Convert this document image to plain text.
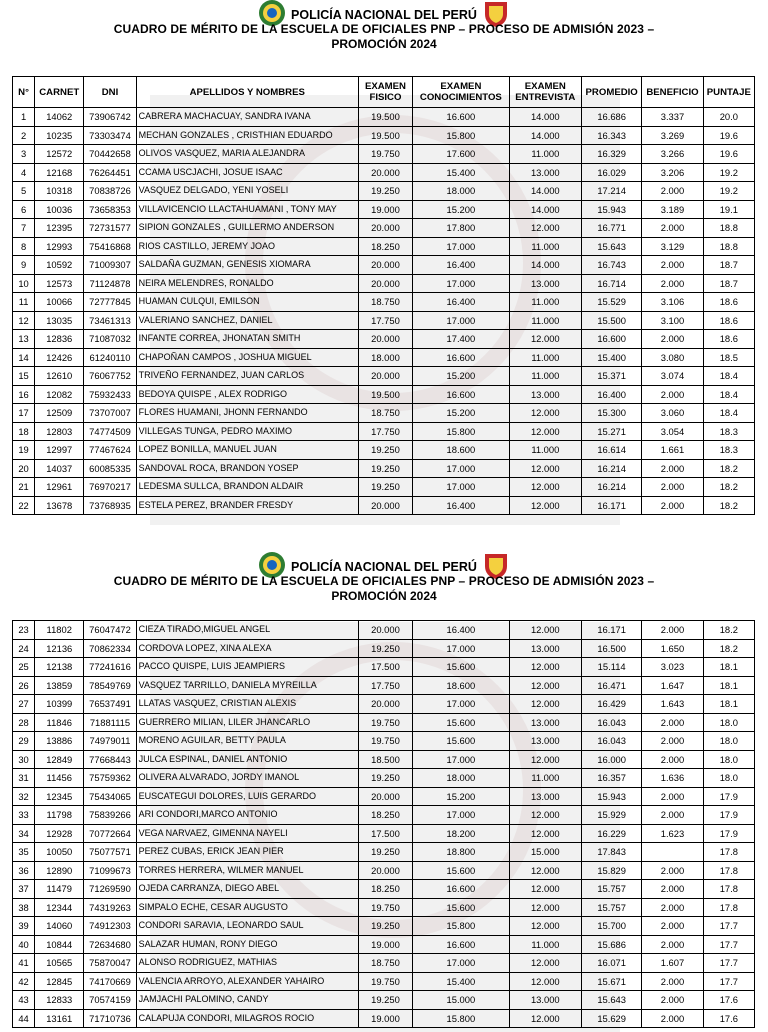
POLICÍA NACIONAL DEL PERÚ
CUADRO DE MÉRITO DE LA ESCUELA DE OFICIALES PNP – PROCESO DE ADMISIÓN 2023 –
PROMOCIÓN 2024
N°	CARNET	DNI	APELLIDOS Y NOMBRES	EXAMEN FISICO	EXAMEN CONOCIMIENTOS	EXAMEN ENTREVISTA	PROMEDIO	BENEFICIO	PUNTAJE
1	14062	73906742	CABRERA MACHACUAY, SANDRA IVANA	19.500	16.600	14.000	16.686	3.337	20.0
2	10235	73303474	MECHAN GONZALES , CRISTHIAN EDUARDO	19.500	15.800	14.000	16.343	3.269	19.6
3	12572	70442658	OLIVOS VASQUEZ, MARIA ALEJANDRA	19.750	17.600	11.000	16.329	3.266	19.6
4	12168	76264451	CCAMA USCJACHI, JOSUE ISAAC	20.000	15.400	13.000	16.029	3.206	19.2
5	10318	70838726	VASQUEZ DELGADO, YENI YOSELI	19.250	18.000	14.000	17.214	2.000	19.2
6	10036	73658353	VILLAVICENCIO LLACTAHUAMANI , TONY MAY	19.000	15.200	14.000	15.943	3.189	19.1
7	12395	72731577	SIPION GONZALES , GUILLERMO ANDERSON	20.000	17.800	12.000	16.771	2.000	18.8
8	12993	75416868	RIOS CASTILLO, JEREMY JOAO	18.250	17.000	11.000	15.643	3.129	18.8
9	10592	71009307	SALDAÑA GUZMAN, GENESIS XIOMARA	20.000	16.400	14.000	16.743	2.000	18.7
10	12573	71124878	NEIRA MELENDRES, RONALDO	20.000	17.000	13.000	16.714	2.000	18.7
11	10066	72777845	HUAMAN CULQUI, EMILSON	18.750	16.400	11.000	15.529	3.106	18.6
12	13035	73461313	VALERIANO SANCHEZ, DANIEL	17.750	17.000	11.000	15.500	3.100	18.6
13	12836	71087032	INFANTE CORREA, JHONATAN SMITH	20.000	17.400	12.000	16.600	2.000	18.6
14	12426	61240110	CHAPOÑAN CAMPOS , JOSHUA MIGUEL	18.000	16.600	11.000	15.400	3.080	18.5
15	12610	76067752	TRIVEÑO FERNANDEZ, JUAN CARLOS	20.000	15.200	11.000	15.371	3.074	18.4
16	12082	75932433	BEDOYA QUISPE , ALEX RODRIGO	19.500	16.600	13.000	16.400	2.000	18.4
17	12509	73707007	FLORES HUAMANI, JHONN FERNANDO	18.750	15.200	12.000	15.300	3.060	18.4
18	12803	74774509	VILLEGAS TUNGA, PEDRO MAXIMO	17.750	15.800	12.000	15.271	3.054	18.3
19	12997	77467624	LOPEZ BONILLA, MANUEL JUAN	19.250	18.600	11.000	16.614	1.661	18.3
20	14037	60085335	SANDOVAL ROCA, BRANDON YOSEP	19.250	17.000	12.000	16.214	2.000	18.2
21	12961	76970217	LEDESMA SULLCA, BRANDON ALDAIR	19.250	17.000	12.000	16.214	2.000	18.2
22	13678	73768935	ESTELA PEREZ, BRANDER FRESDY	20.000	16.400	12.000	16.171	2.000	18.2
POLICÍA NACIONAL DEL PERÚ
CUADRO DE MÉRITO DE LA ESCUELA DE OFICIALES PNP – PROCESO DE ADMISIÓN 2023 –
PROMOCIÓN 2024
23	11802	76047472	CIEZA TIRADO,MIGUEL ANGEL	20.000	16.400	12.000	16.171	2.000	18.2
24	12136	70862334	CORDOVA LOPEZ, XINA ALEXA	19.250	17.000	13.000	16.500	1.650	18.2
25	12138	77241616	PACCO QUISPE, LUIS JEAMPIERS	17.500	15.600	12.000	15.114	3.023	18.1
26	13859	78549769	VASQUEZ TARRILLO, DANIELA MYREILLA	17.750	18.600	12.000	16.471	1.647	18.1
27	10399	76537491	LLATAS VASQUEZ, CRISTIAN ALEXIS	20.000	17.000	12.000	16.429	1.643	18.1
28	11846	71881115	GUERRERO MILIAN, LILER JHANCARLO	19.750	15.600	13.000	16.043	2.000	18.0
29	13886	74979011	MORENO AGUILAR, BETTY PAULA	19.750	15.600	13.000	16.043	2.000	18.0
30	12849	77668443	JULCA ESPINAL, DANIEL ANTONIO	18.500	17.000	12.000	16.000	2.000	18.0
31	11456	75759362	OLIVERA ALVARADO, JORDY IMANOL	19.250	18.000	11.000	16.357	1.636	18.0
32	12345	75434065	EUSCATEGUI DOLORES, LUIS GERARDO	20.000	15.200	13.000	15.943	2.000	17.9
33	11798	75839266	ARI CONDORI,MARCO ANTONIO	18.250	17.000	12.000	15.929	2.000	17.9
34	12928	70772664	VEGA NARVAEZ, GIMENNA NAYELI	17.500	18.200	12.000	16.229	1.623	17.9
35	10050	75077571	PEREZ CUBAS, ERICK JEAN PIER	19.250	18.800	15.000	17.843		17.8
36	12890	71099673	TORRES HERRERA, WILMER MANUEL	20.000	15.600	12.000	15.829	2.000	17.8
37	11479	71269590	OJEDA CARRANZA, DIEGO ABEL	18.250	16.600	12.000	15.757	2.000	17.8
38	12344	74319263	SIMPALO ECHE, CESAR AUGUSTO	19.750	15.600	12.000	15.757	2.000	17.8
39	14060	74912303	CONDORI SARAVIA, LEONARDO SAUL	19.250	15.800	12.000	15.700	2.000	17.7
40	10844	72634680	SALAZAR HUMAN, RONY DIEGO	19.000	16.600	11.000	15.686	2.000	17.7
41	10565	75870047	ALONSO RODRIGUEZ, MATHIAS	18.750	17.000	12.000	16.071	1.607	17.7
42	12845	74170669	VALENCIA ARROYO, ALEXANDER YAHAIRO	19.750	15.400	12.000	15.671	2.000	17.7
43	12833	70574159	JAMJACHI PALOMINO, CANDY	19.250	15.000	13.000	15.643	2.000	17.6
44	13161	71710736	CALAPUJA CONDORI, MILAGROS ROCIO	19.000	15.800	12.000	15.629	2.000	17.6
